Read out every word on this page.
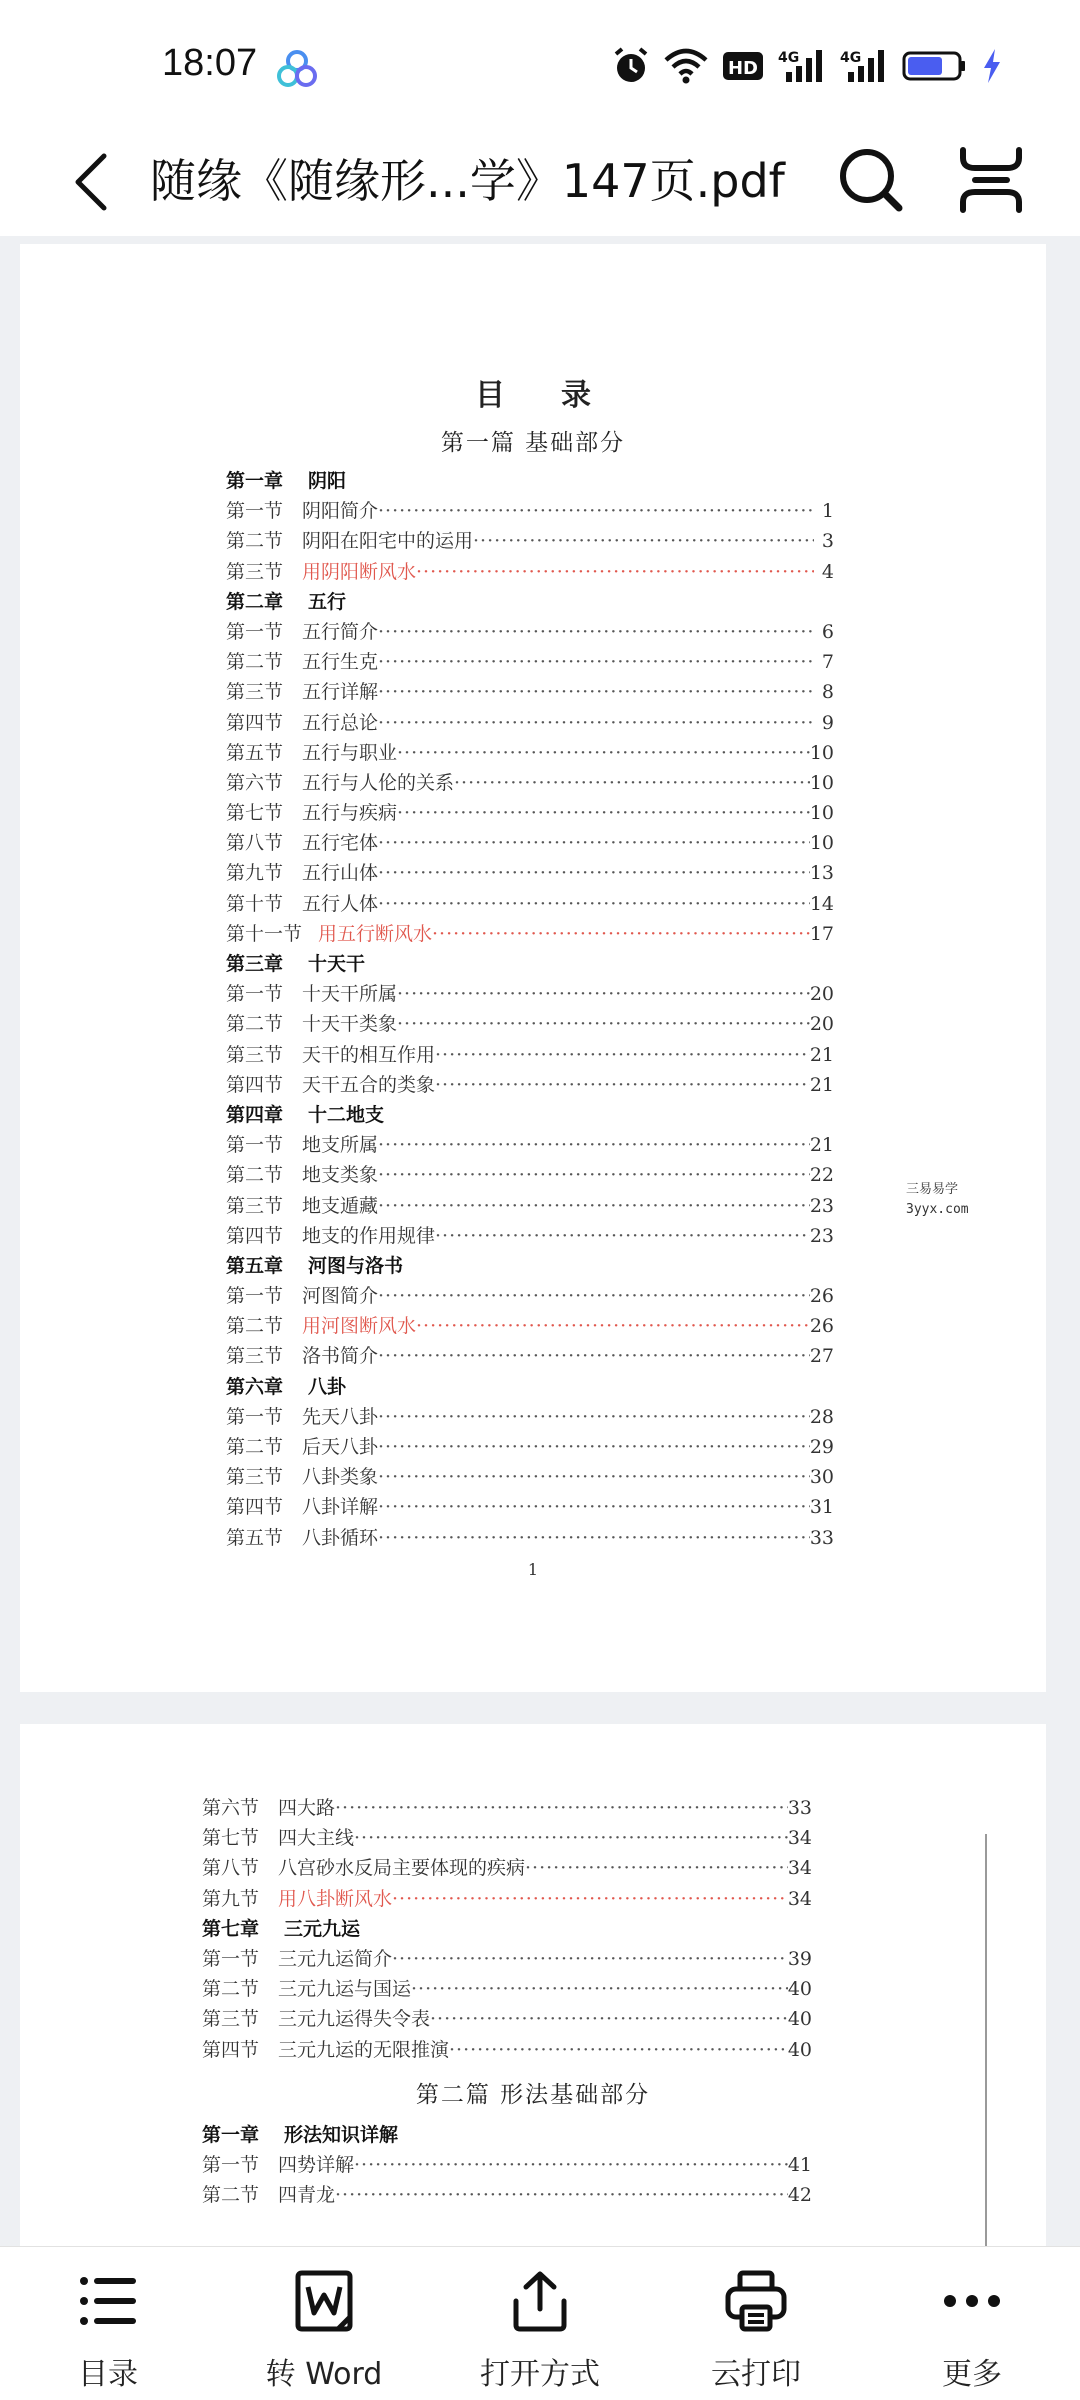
18:07	HD 4G	4G
随缘《随缘形...学》147页.pdf
目录
第一篇 基础部分
第一章	阴阳
第一节 阴阳简介 ·····	1
第二节 阴阳在阳宅中的运用 ·····	3
第三节 用阴阳断风水 ·····	4
第二章	五行
第一节 五行简介 ·····	6
第二节 五行生克 ·····	7
第三节 五行详解 ·····	8
第四节 五行总论 ·····	9
第五节 五行与职业 ·····	10
第六节 五行与人伦的关系 ·····	10
第七节 五行与疾病 ·····	10
第八节 五行宅体 ·····	10
第九节 五行山体 ·····	13
第十节 五行人体 ·····	14
第十一节 用五行断风水 ·····	17
第三章	十天干
第一节 十天干所属 ·····	20
第二节 十天干类象 ·····	20
第三节 天干的相互作用 ·····	21
第四节 天干五合的类象 ·····	21
第四章	十二地支
第一节 地支所属 ·····	21
第二节 地支类象 ·····	22
第三节 地支遁藏 ·····	23
第四节 地支的作用规律 ·····	23
第五章	河图与洛书
第一节 河图简介 ·····	26
第二节 用河图断风水 ·····	26
第三节 洛书简介 ·····	27
第六章	八卦
第一节 先天八卦 ·····	28
第二节 后天八卦 ·····	29
第三节 八卦类象 ·····	30
第四节 八卦详解 ·····	31
第五节 八卦循环 ·····	33
1
三易易学
3yyx.com
第六节 四大路 ·····	33
第七节 四大主线 ·····	34
第八节 八宫砂水反局主要体现的疾病 ·····	34
第九节 用八卦断风水 ·····	34
第七章	三元九运
第一节 三元九运简介 ·····	39
第二节 三元九运与国运 ·····	40
第三节 三元九运得失令表 ·····	40
第四节 三元九运的无限推演 ·····	40
第二篇 形法基础部分
第一章	形法知识详解
第一节 四势详解 ·····	41
第二节 四青龙 ·····	42
目录	转 Word	打开方式	云打印	更多
